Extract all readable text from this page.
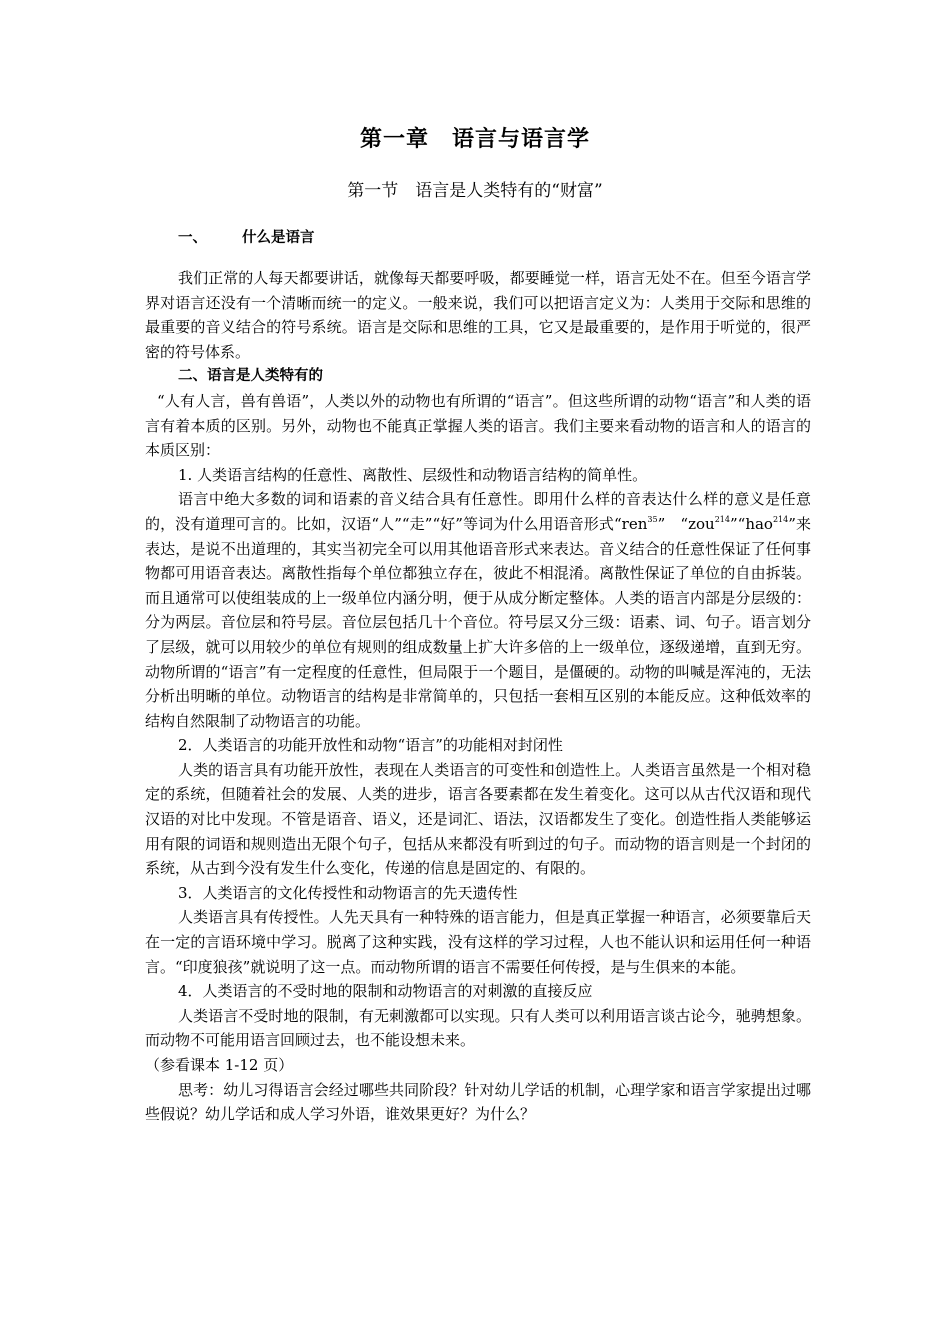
第一章　语言与语言学
第一节　语言是人类特有的“财富”
一、 什么是语言

我们正常的人每天都要讲话，就像每天都要呼吸，都要睡觉一样，语言无处不在。但至今语言学界对语言还没有一个清晰而统一的定义。一般来说，我们可以把语言定义为：人类用于交际和思维的最重要的音义结合的符号系统。语言是交际和思维的工具，它又是最重要的，是作用于听觉的，很严密的符号体系。

二、语言是人类特有的

“人有人言，兽有兽语”，人类以外的动物也有所谓的“语言”。但这些所谓的动物“语言”和人类的语言有着本质的区别。另外，动物也不能真正掌握人类的语言。我们主要来看动物的语言和人的语言的本质区别：

1. 人类语言结构的任意性、离散性、层级性和动物语言结构的简单性。

语言中绝大多数的词和语素的音义结合具有任意性。即用什么样的音表达什么样的意义是任意的，没有道理可言的。比如，汉语“人”“走”“好”等词为什么用语音形式“ren$^{35}$”　“zou$^{214}$”“hao$^{214}$”来表达，是说不出道理的，其实当初完全可以用其他语音形式来表达。音义结合的任意性保证了任何事物都可用语音表达。离散性指每个单位都独立存在，彼此不相混淆。离散性保证了单位的自由拆装。而且通常可以使组装成的上一级单位内涵分明，便于从成分断定整体。人类的语言内部是分层级的：分为两层。音位层和符号层。音位层包括几十个音位。符号层又分三级：语素、词、句子。语言划分了层级，就可以用较少的单位有规则的组成数量上扩大许多倍的上一级单位，逐级递增，直到无穷。动物所谓的“语言”有一定程度的任意性，但局限于一个题目，是僵硬的。动物的叫喊是浑沌的，无法分析出明晰的单位。动物语言的结构是非常简单的，只包括一套相互区别的本能反应。这种低效率的结构自然限制了动物语言的功能。

2．人类语言的功能开放性和动物“语言”的功能相对封闭性

人类的语言具有功能开放性，表现在人类语言的可变性和创造性上。人类语言虽然是一个相对稳定的系统，但随着社会的发展、人类的进步，语言各要素都在发生着变化。这可以从古代汉语和现代汉语的对比中发现。不管是语音、语义，还是词汇、语法，汉语都发生了变化。创造性指人类能够运用有限的词语和规则造出无限个句子，包括从来都没有听到过的句子。而动物的语言则是一个封闭的系统，从古到今没有发生什么变化，传递的信息是固定的、有限的。

3．人类语言的文化传授性和动物语言的先天遗传性

人类语言具有传授性。人先天具有一种特殊的语言能力，但是真正掌握一种语言，必须要靠后天在一定的言语环境中学习。脱离了这种实践，没有这样的学习过程，人也不能认识和运用任何一种语言。“印度狼孩”就说明了这一点。而动物所谓的语言不需要任何传授，是与生俱来的本能。

4．人类语言的不受时地的限制和动物语言的对刺激的直接反应

人类语言不受时地的限制，有无刺激都可以实现。只有人类可以利用语言谈古论今，驰骋想象。而动物不可能用语言回顾过去，也不能设想未来。

（参看课本 1-12 页）

思考：幼儿习得语言会经过哪些共同阶段？针对幼儿学话的机制，心理学家和语言学家提出过哪些假说？幼儿学话和成人学习外语，谁效果更好？为什么？
